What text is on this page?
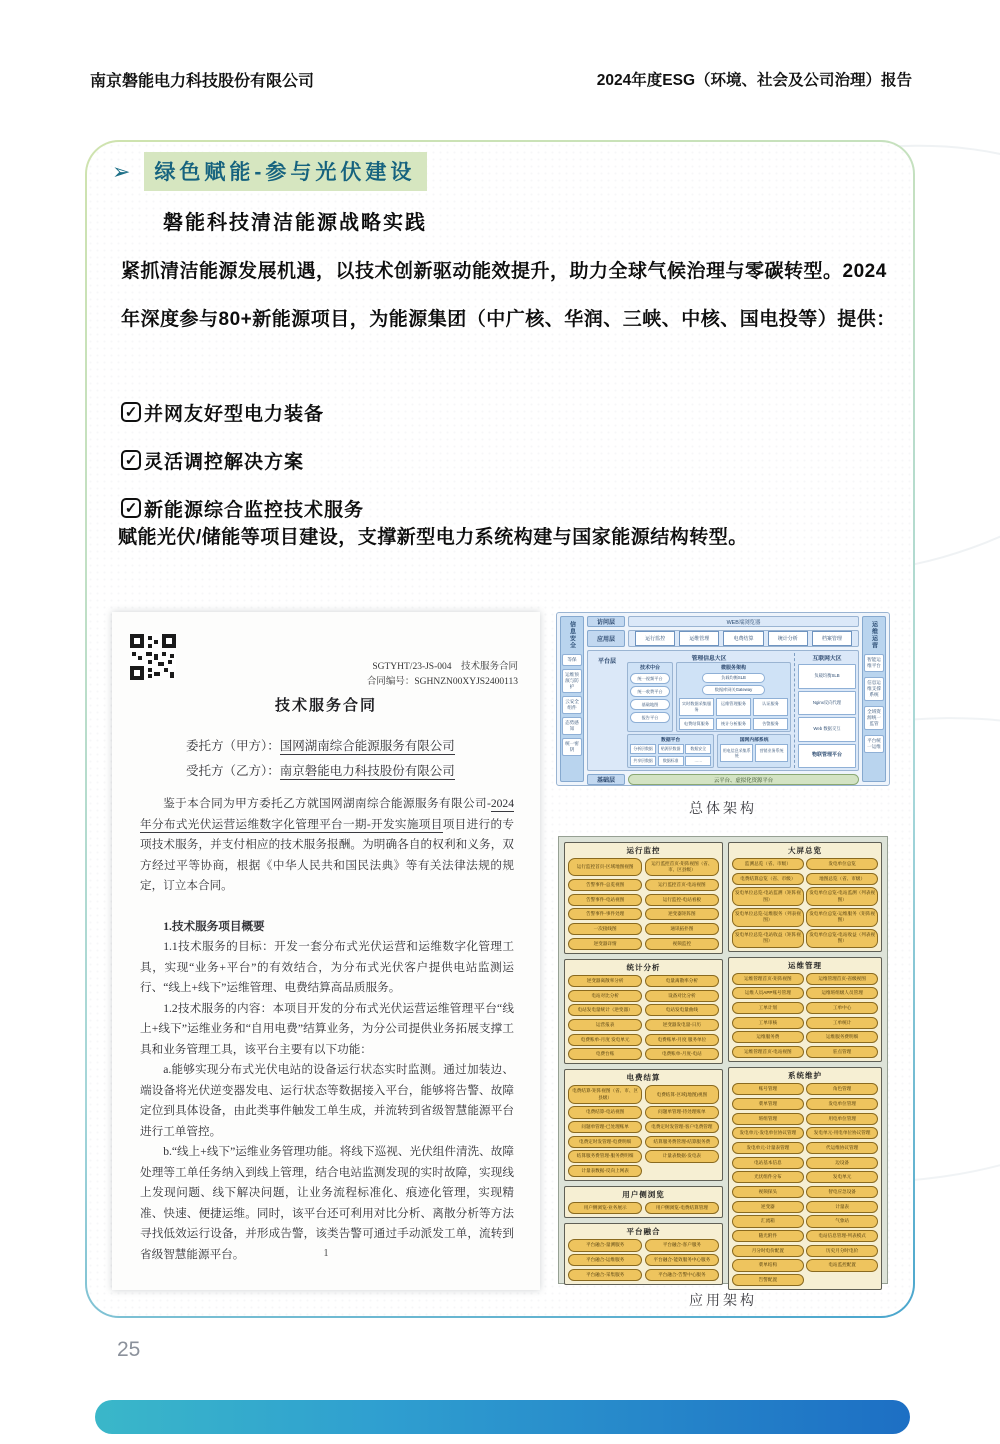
南京磐能电力科技股份有限公司	2024年度ESG（环境、社会及公司治理）报告
➢	绿色赋能-参与光伏建设
磐能科技清洁能源战略实践
紧抓清洁能源发展机遇，以技术创新驱动能效提升，助力全球气候治理与零碳转型。2024年深度参与80+新能源项目，为能源集团（中广核、华润、三峡、中核、国电投等）提供：
✓ 并网友好型电力装备
✓ 灵活调控解决方案
✓ 新能源综合监控技术服务
赋能光伏/储能等项目建设，支撑新型电力系统构建与国家能源结构转型。
SGTYHT/23-JS-004　技术服务合同
合同编号：SGHNZN00XYJS2400113
技术服务合同
委托方（甲方）：国网湖南综合能源服务有限公司
受托方（乙方）：南京磐能电力科技股份有限公司

鉴于本合同为甲方委托乙方就国网湖南综合能源服务有限公司-2024年分布式光伏运营运维数字化管理平台一期-开发实施项目项目进行的专项技术服务，并支付相应的技术服务报酬。为明确各自的权利和义务，双方经过平等协商，根据《中华人民共和国民法典》等有关法律法规的规定，订立本合同。

1.技术服务项目概要

1.1技术服务的目标：开发一套分布式光伏运营和运维数字化管理工具，实现“业务+平台”的有效结合，为分布式光伏客户提供电站监测运行、“线上+线下”运维管理、电费结算高品质服务。

1.2技术服务的内容：本项目开发的分布式光伏运营运维管理平台“线上+线下”运维业务和“自用电费”结算业务，为分公司提供业务拓展支撑工具和业务管理工具，该平台主要有以下功能：

a.能够实现分布式光伏电站的设备运行状态实时监测。通过加装边、端设备将光伏逆变器发电、运行状态等数据接入平台，能够将告警、故障定位到具体设备，由此类事件触发工单生成，并流转到省级智慧能源平台进行工单管控。

b.“线上+线下”运维业务管理功能。将线下巡视、光伏组件清洗、故障处理等工单任务纳入到线上管理，结合电站监测发现的实时故障，实现线上发现问题、线下解决问题，让业务流程标准化、痕迹化管理，实现精准、快速、便捷运维。同时，该平台还可利用对比分析、离散分析等方法寻找低效运行设备，并形成告警，该类告警可通过手动派发工单，流转到省级智慧能源平台。	1
信息安全
等保
运维预演与防护
云安全组件
态势感知
统一密钥
访问层	WEB端浏览器
应用层	运行监控	运维管理	电费结算	统计分析	档案管理
平台层	管理信息大区
技术中台
统一视频平台
统一收费平台
基础地图
报告平台
微服务架构
负载均衡SLB
数据库网关Gateway
实时数据采集服务
运维管理服务	认证服务
电费结算服务	统计分析服务	告警服务
数据平台
分析层数据	贴源层数据	数据安全
共享层数据	数据标准	……
国网内部系统
用电信息采集系统
营销业务系统
互联网大区
负载均衡SLB
Nginx反向代理
Web 数据交互
物联管理平台
基础层	云平台、虚拟化资源平台
运维运营
智能运维平台
信息运维支撑系统
全域资源统一监管
平台统一运维
总体架构
运行监控
运行监控首页-区域地图视图
运行监控首页-矩阵视图（省、市、区县级）
告警事件-总览视图	运行监控首页-电站视图
告警事件-电站视图	运行监控-电站看板
告警事件-事件处理	逆变器矩阵图
一次接线图	通讯拓扑图
逆变器详情	视频监控
统计分析
逆变器离散率分析	电量离散率分析
电站对比分析	设备对比分析
电站发电量统计（逆变器）	电站发电量曲线
运营报表	逆变器发电量-日历
电费账单-月度 发电单元	电费账单-月度 服务单位
电费台账	电费账单-月度-电站
电费结算
电费结算-矩阵视图（省、市、区县级）
电费结算-区域(地图)视图
电费结算-电站视图	问题单管理-待处理账单
问题单管理-已处理账单	电费定时发管理-客户电费管理
电费定时发管理-电费明细	结算服务费管理-结算服务费
结算服务费管理-服务费明细	计量表数据-发电表
计量表数据-反向上网表
用户侧浏览
用户侧浏览-业务展示	用户侧浏览-电费结算管理
平台融合
平台融合-量测服务	平台融合-客户服务
平台融合-运维服务	平台融合-能效服务中心服务
平台融合-采集服务	平台融合-告警中心服务
大屏总览
监测总览（省、市级）	发电单位总览
电费结算总览（省、市级）	地图总览（省、市级）
发电单位总览-电站监测（矩阵视图）
发电单位总览-电站监测（列表视图）
发电单位总览-运维服务（列表视图）
发电单位总览-运维服务（矩阵视图）
发电单位总览-电站收益（矩阵视图）
发电单位总览-电站收益（列表视图）
运维管理
运维管理首页-矩阵视图	运维管理首页-省级视图
运维人员APP账号管理	运维班组级人员管理
工单计划	工单中心
工单审核	工单统计
运维服务费	运维服务费明细
运维管理首页-电站视图	驻点管理
系统维护
账号管理	角色管理
菜单管理	发电单位管理
班组管理	用电单位管理
发电单元-发电单位协议管理	发电单元-用电单位协议管理
发电单元-计量表管理	代运维协议管理
电站基本信息	边设备
光伏组件分布	发电单元
视频探头	智电应急设备
逆变器	计量表
汇流箱	气象站
随光附件	电站信息管理-列表模式
月分时电价配置	历史月分时电价
菜单结构	电站监控配置
告警配置
应用架构
25
